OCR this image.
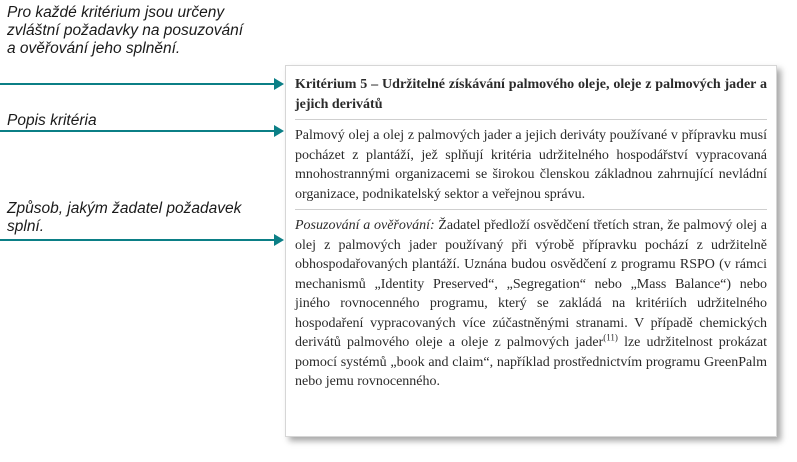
Pro každé kritérium jsou určeny zvláštní požadavky na posuzování a ověřování jeho splnění.

Popis kritéria

Způsob, jakým žadatel požadavek splní.

Kritérium 5 – Udržitelné získávání palmového oleje, oleje z palmových jader a jejich derivátů

Palmový olej a olej z palmových jader a jejich deriváty používané v přípravku musí pocházet z plantáží, jež splňují kritéria udržitelného hospodářství vypracovaná mnohostrannými organizacemi se širokou členskou základnou zahrnující nevládní organizace, podnikatelský sektor a veřejnou správu.

Posuzování a ověřování: Žadatel předloží osvědčení třetích stran, že palmový olej a olej z palmových jader používaný při výrobě přípravku pochází z udržitelně obhospodařovaných plantáží. Uznána budou osvědčení z programu RSPO (v rámci mechanismů „Identity Preserved“, „Segregation“ nebo „Mass Balance“) nebo jiného rovnocenného programu, který se zakládá na kritériích udržitelného hospodaření vypracovaných více zúčastněnými stranami. V případě chemických derivátů palmového oleje a oleje z palmových jader$^{(11)}$ lze udržitelnost prokázat pomocí systémů „book and claim“, například prostřednictvím programu GreenPalm nebo jemu rovnocenného.
